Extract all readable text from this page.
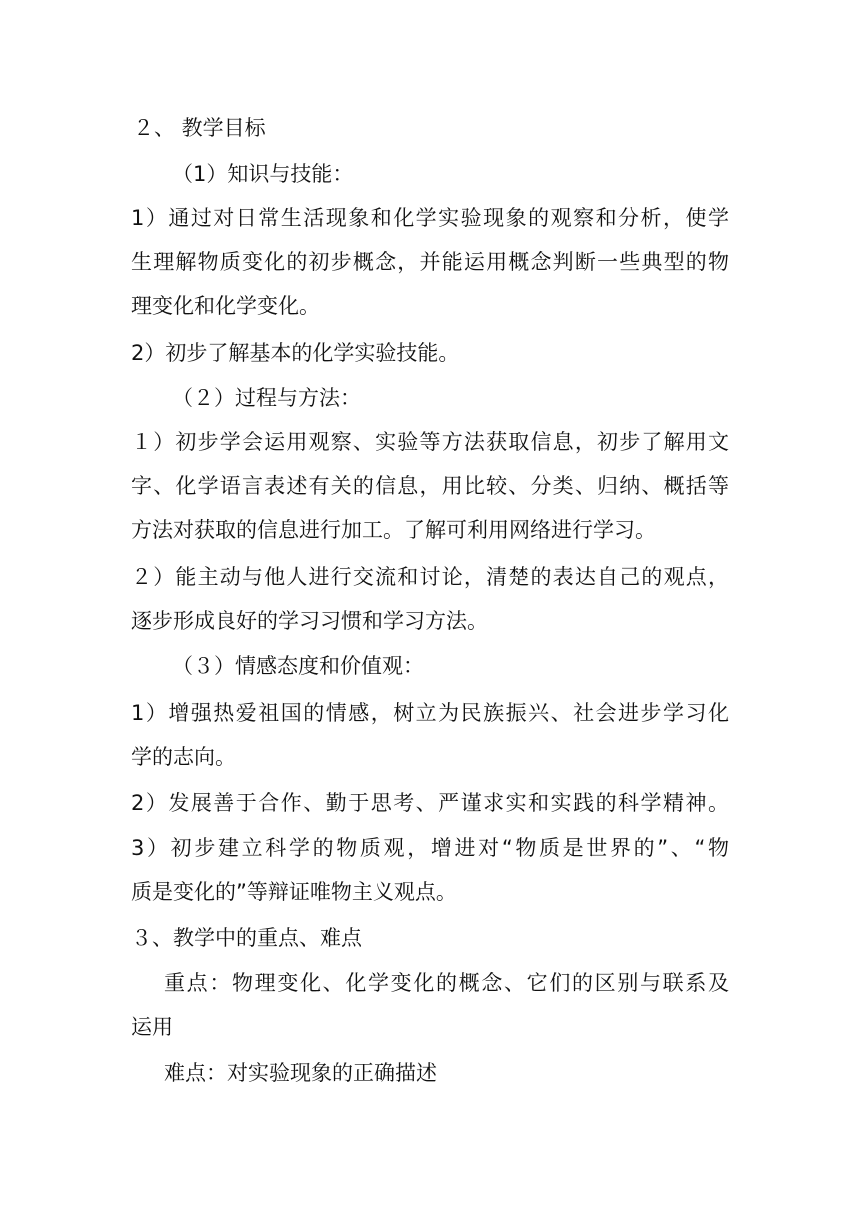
２、 教学目标
（1）知识与技能：
1）通过对日常生活现象和化学实验现象的观察和分析，使学
生理解物质变化的初步概念，并能运用概念判断一些典型的物
理变化和化学变化。
2）初步了解基本的化学实验技能。
（２）过程与方法：
１）初步学会运用观察、实验等方法获取信息，初步了解用文
字、化学语言表述有关的信息，用比较、分类、归纳、概括等
方法对获取的信息进行加工。了解可利用网络进行学习。
２）能主动与他人进行交流和讨论，清楚的表达自己的观点，
逐步形成良好的学习习惯和学习方法。
（３）情感态度和价值观：
1）增强热爱祖国的情感，树立为民族振兴、社会进步学习化
学的志向。
2）发展善于合作、勤于思考、严谨求实和实践的科学精神。
3）初步建立科学的物质观，增进对“物质是世界的”、“物
质是变化的”等辩证唯物主义观点。
３、教学中的重点、难点
重点：物理变化、化学变化的概念、它们的区别与联系及
运用
难点：对实验现象的正确描述
